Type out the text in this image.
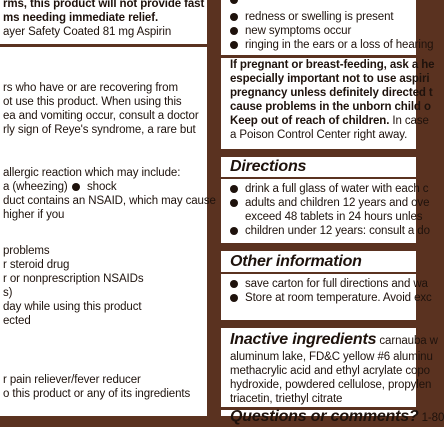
rms, this product will not provide fast
ms needing immediate relief.
ayer Safety Coated 81 mg Aspirin
rs who have or are recovering from
ot use this product. When using this
ea and vomiting occur, consult a doctor
rly sign of Reye's syndrome, a rare but
allergic reaction which may include:
a (wheezing) shock
duct contains an NSAID, which may cause
higher if you
problems
r steroid drug
r or nonprescription NSAIDs
s)
day while using this product
ected
r pain reliever/fever reducer
o this product or any of its ingredients
redness or swelling is present
new symptoms occur
ringing in the ears or a loss of hearing
If pregnant or breast-feeding, ask a he
especially important not to use aspiri
pregnancy unless definitely directed t
cause problems in the unborn child o
Keep out of reach of children. In case
a Poison Control Center right away.
Directions
drink a full glass of water with each c
adults and children 12 years and ove
exceed 48 tablets in 24 hours unles
children under 12 years: consult a do
Other information
save carton for full directions and wa
Store at room temperature. Avoid exc
Inactive ingredients carnauba w
aluminum lake, FD&C yellow #6 aluminu
methacrylic acid and ethyl acrylate copo
hydroxide, powdered cellulose, propylen
triacetin, triethyl citrate
Questions or comments? 1-80
